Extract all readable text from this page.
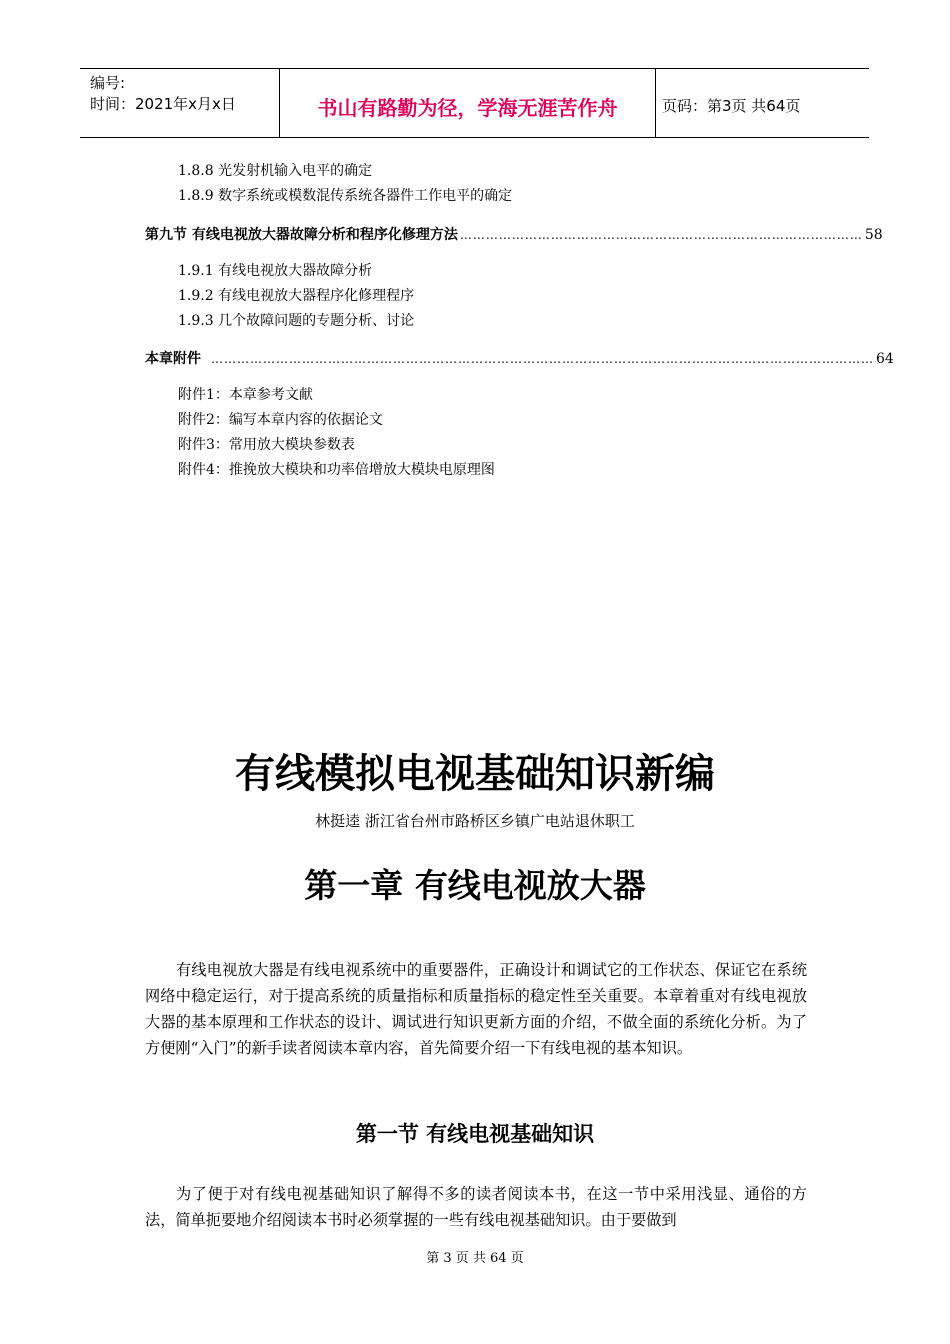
编号:
时间：2021年x月x日	书山有路勤为径，学海无涯苦作舟	页码：第3页 共64页
1.8.8 光发射机输入电平的确定
1.8.9 数字系统或模数混传系统各器件工作电平的确定
第九节 有线电视放大器故障分析和程序化修理方法 ………………………………………………………………………………… 58
1.9.1 有线电视放大器故障分析
1.9.2 有线电视放大器程序化修理程序
1.9.3 几个故障问题的专题分析、讨论
本章附件 ……………………………………………………………………………………………………………………………………… 64
附件1：本章参考文献
附件2：编写本章内容的依据论文
附件3：常用放大模块参数表
附件4：推挽放大模块和功率倍增放大模块电原理图
有线模拟电视基础知识新编
林挺逵 浙江省台州市路桥区乡镇广电站退休职工
第一章 有线电视放大器
有线电视放大器是有线电视系统中的重要器件，正确设计和调试它的工作状态、保证它在系统网络中稳定运行，对于提高系统的质量指标和质量指标的稳定性至关重要。本章着重对有线电视放大器的基本原理和工作状态的设计、调试进行知识更新方面的介绍，不做全面的系统化分析。为了方便刚“入门”的新手读者阅读本章内容，首先简要介绍一下有线电视的基本知识。
第一节 有线电视基础知识
为了便于对有线电视基础知识了解得不多的读者阅读本书，在这一节中采用浅显、通俗的方法，简单扼要地介绍阅读本书时必须掌握的一些有线电视基础知识。由于要做到
第 3 页 共 64 页
